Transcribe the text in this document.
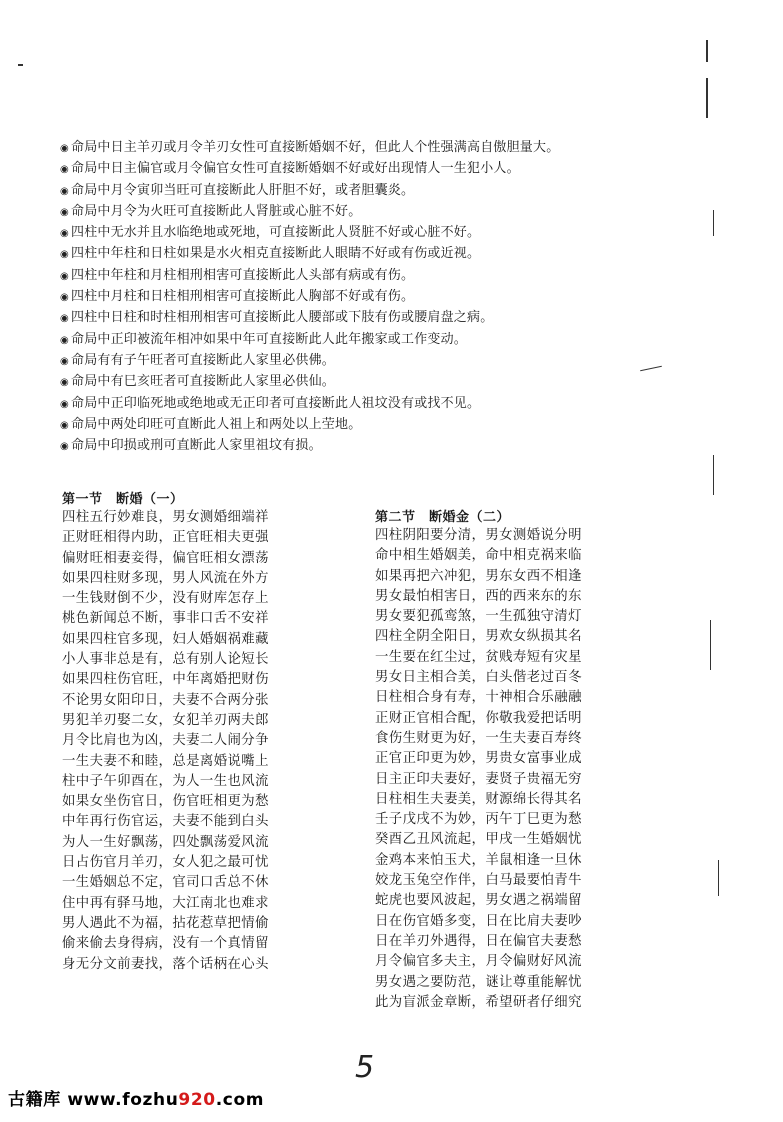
◉ 命局中日主羊刃或月令羊刃女性可直接断婚姻不好，但此人个性强满高自傲胆量大。
◉ 命局中日主偏官或月令偏官女性可直接断婚姻不好或好出现情人一生犯小人。
◉ 命局中月令寅卯当旺可直接断此人肝胆不好，或者胆囊炎。
◉ 命局中月令为火旺可直接断此人肾脏或心脏不好。
◉ 四柱中无水并且水临绝地或死地，可直接断此人贤脏不好或心脏不好。
◉ 四柱中年柱和日柱如果是水火相克直接断此人眼睛不好或有伤或近视。
◉ 四柱中年柱和月柱相刑相害可直接断此人头部有病或有伤。
◉ 四柱中月柱和日柱相刑相害可直接断此人胸部不好或有伤。
◉ 四柱中日柱和时柱相刑相害可直接断此人腰部或下肢有伤或腰肩盘之病。
◉ 命局中正印被流年相冲如果中年可直接断此人此年搬家或工作变动。
◉ 命局有有子午旺者可直接断此人家里必供佛。
◉ 命局中有巳亥旺者可直接断此人家里必供仙。
◉ 命局中正印临死地或绝地或无正印者可直接断此人祖坟没有或找不见。
◉ 命局中两处印旺可直断此人祖上和两处以上茔地。
◉ 命局中印损或刑可直断此人家里祖坟有损。
第一节　断婚（一）
四柱五行妙难良，男女测婚细端祥
正财旺相得内助，正官旺相夫更强
偏财旺相妻妾得，偏官旺相女漂荡
如果四柱财多现，男人风流在外方
一生钱财倒不少，没有财库怎存上
桃色新闻总不断，事非口舌不安祥
如果四柱官多现，妇人婚姻祸难藏
小人事非总是有，总有别人论短长
如果四柱伤官旺，中年离婚把财伤
不论男女阳印日，夫妻不合两分张
男犯羊刃娶二女，女犯羊刃两夫郎
月令比肩也为凶，夫妻二人闹分争
一生夫妻不和睦，总是离婚说嘴上
柱中子午卯酉在，为人一生也风流
如果女坐伤官日，伤官旺相更为愁
中年再行伤官运，夫妻不能到白头
为人一生好飘荡，四处飘荡爱风流
日占伤官月羊刃，女人犯之最可忧
一生婚姻总不定，官司口舌总不休
住中再有驿马地，大江南北也难求
男人遇此不为福，拈花惹草把情偷
偷来偷去身得病，没有一个真情留
身无分文前妻找，落个话柄在心头
第二节　断婚金（二）
四柱阴阳要分清，男女测婚说分明
命中相生婚姻美，命中相克祸来临
如果再把六冲犯，男东女西不相逢
男女最怕相害日，西的西来东的东
男女要犯孤鸾煞，一生孤独守清灯
四柱全阴全阳日，男欢女纵损其名
一生要在红尘过，贫贱寿短有灾星
男女日主相合美，白头偕老过百冬
日柱相合身有寿，十神相合乐融融
正财正官相合配，你敬我爱把话明
食伤生财更为好，一生夫妻百寿终
正官正印更为妙，男贵女富事业成
日主正印夫妻好，妻贤子贵福无穷
日柱相生夫妻美，财源绵长得其名
壬子戊戌不为妙，丙午丁巳更为愁
癸酉乙丑风流起，甲戌一生婚姻忧
金鸡本来怕玉犬，羊鼠相逢一旦休
姣龙玉兔空作伴，白马最要怕青牛
蛇虎也要风波起，男女遇之祸端留
日在伤官婚多变，日在比肩夫妻吵
日在羊刃外遇得，日在偏官夫妻愁
月令偏官多夫主，月令偏财好风流
男女遇之要防范，谜让尊重能解忧
此为盲派金章断，希望研者仔细究
5
古籍库 www.fozhu920.com
